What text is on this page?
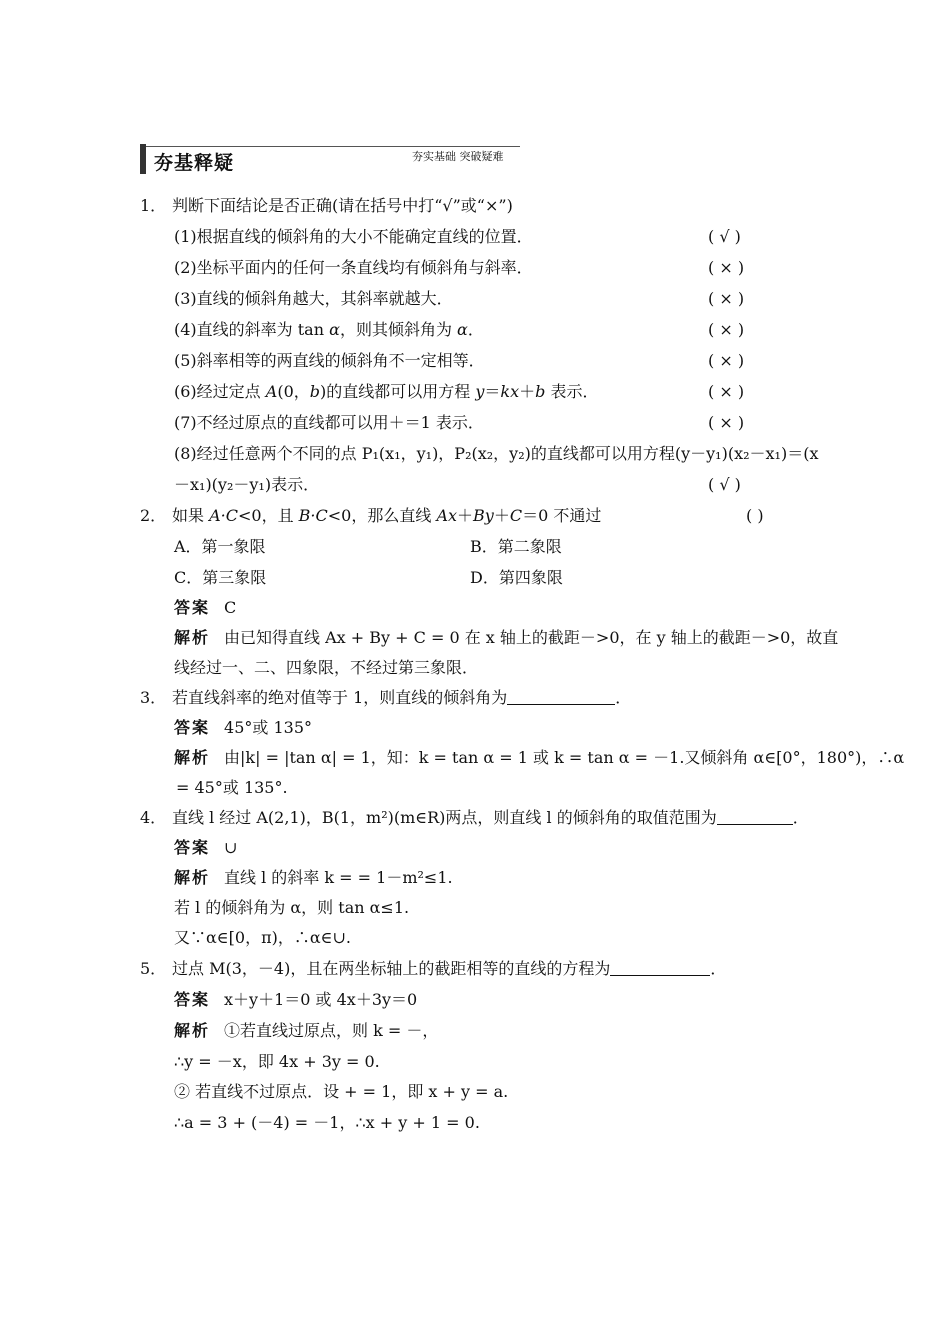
夯基释疑	夯实基础 突破疑难
1． 判断下面结论是否正确(请在括号中打“√”或“×”)
(1)根据直线的倾斜角的大小不能确定直线的位置．	( √ )
(2)坐标平面内的任何一条直线均有倾斜角与斜率．	( × )
(3)直线的倾斜角越大，其斜率就越大．	( × )
(4)直线的斜率为 tan α，则其倾斜角为 α．	( × )
(5)斜率相等的两直线的倾斜角不一定相等．	( × )
(6)经过定点 A(0，b)的直线都可以用方程 y＝kx＋b 表示．	( × )
(7)不经过原点的直线都可以用＋＝1 表示．	( × )
(8)经过任意两个不同的点 P₁(x₁，y₁)，P₂(x₂，y₂)的直线都可以用方程(y－y₁)(x₂－x₁)＝(x
－x₁)(y₂－y₁)表示．	( √ )
2． 如果 A·C<0，且 B·C<0，那么直线 Ax＋By＋C＝0 不通过	( )
A．第一象限	B．第二象限
C．第三象限	D．第四象限
答案 C
解析 由已知得直线 Ax + By + C = 0 在 x 轴上的截距－>0，在 y 轴上的截距－>0，故直
线经过一、二、四象限，不经过第三象限．
3． 若直线斜率的绝对值等于 1，则直线的倾斜角为	．
答案 45°或 135°
解析 由|k| = |tan α| = 1，知：k = tan α = 1 或 k = tan α = －1.又倾斜角 α∈[0°，180°)，∴α
= 45°或 135°.
4． 直线 l 经过 A(2,1)，B(1，m²)(m∈R)两点，则直线 l 的倾斜角的取值范围为	．
答案 ∪
解析 直线 l 的斜率 k = = 1－m²≤1.
若 l 的倾斜角为 α，则 tan α≤1.
又∵α∈[0，π)，∴α∈∪.
5． 过点 M(3，－4)，且在两坐标轴上的截距相等的直线的方程为	．
答案 x＋y＋1＝0 或 4x＋3y＝0
解析 ①若直线过原点，则 k = －，
∴y = －x，即 4x + 3y = 0.
② 若直线不过原点．设 + = 1，即 x + y = a.
∴a = 3 + (－4) = －1，∴x + y + 1 = 0.
